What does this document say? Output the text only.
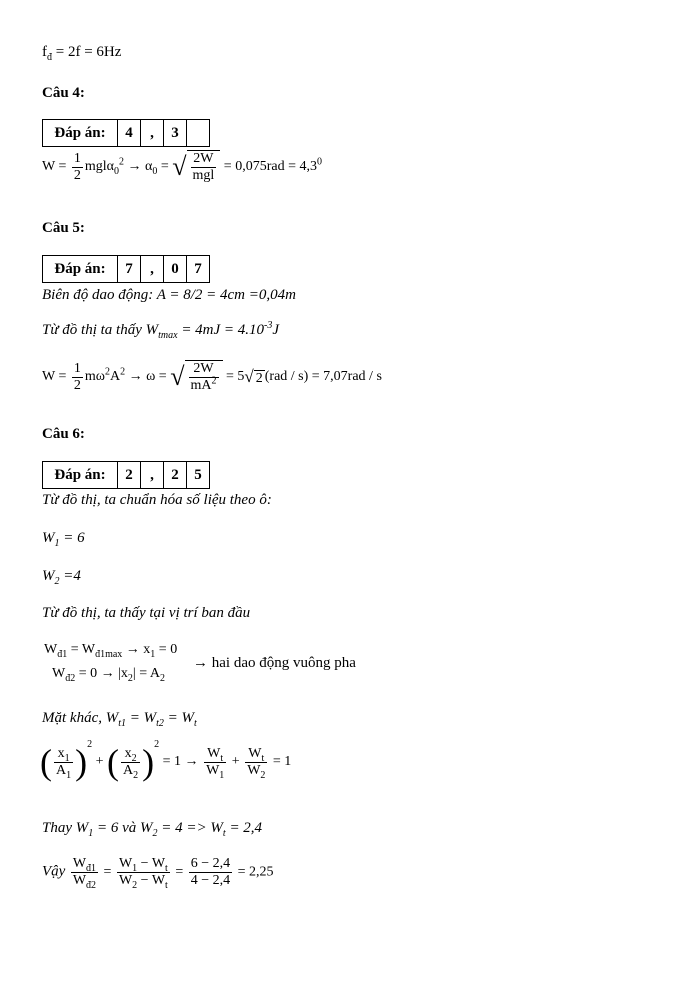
$f_đ = 2f = 6Hz$
Câu 4:
Đáp án:	4	,	3	
$W = \frac{1}{2} mgl\alpha_0^2 \to \alpha_0$ = √ $\frac{2W}{\text{mgl}} = 0,075rad = 4,3^0$
Câu 5:
Đáp án:	7	,	0	7
Biên độ dao động: A = 8/2 = 4cm =0,04m
Từ đồ thị ta thấy $W_{tmax} = 4mJ = 4.10^{-3}J$
$W = \frac{1}{2} m\omega^2A^2 \to \omega$ = √ $\frac{2W}{mA^2} = 5√$ 2 (rad / s) = 7,07rad / s
Câu 6:
Đáp án:	2	,	2	5
Từ đồ thị, ta chuẩn hóa số liệu theo ô:
$W_1 = 6$
$W_2 =4$
Từ đồ thị, ta thấy tại vị trí ban đầu
$W_{đ1} = W_{đ1max} \to x_1 = 0$
$W_{đ2} = 0 \to |x_2| = A_2$
→ hai dao động vuông pha
Mặt khác, $W_{t1} = W_{t2} = W_t$
( $\frac{x_1}{A_1} )^2$ + ( $\frac{x_2}{A_2} )^2 = 1 \to \frac{W_t}{W_1} + \frac{W_t}{W_2} = 1$
Thay $W_1 = 6$ và $W_2 = 4 => W_t = 2,4$
Vậy $\frac{W_{đ1}}{W_{đ2}} = \frac{W_1 - W_t}{W_2 - W_t} = \frac{6 - 2,4}{4 - 2,4} = 2,25$
